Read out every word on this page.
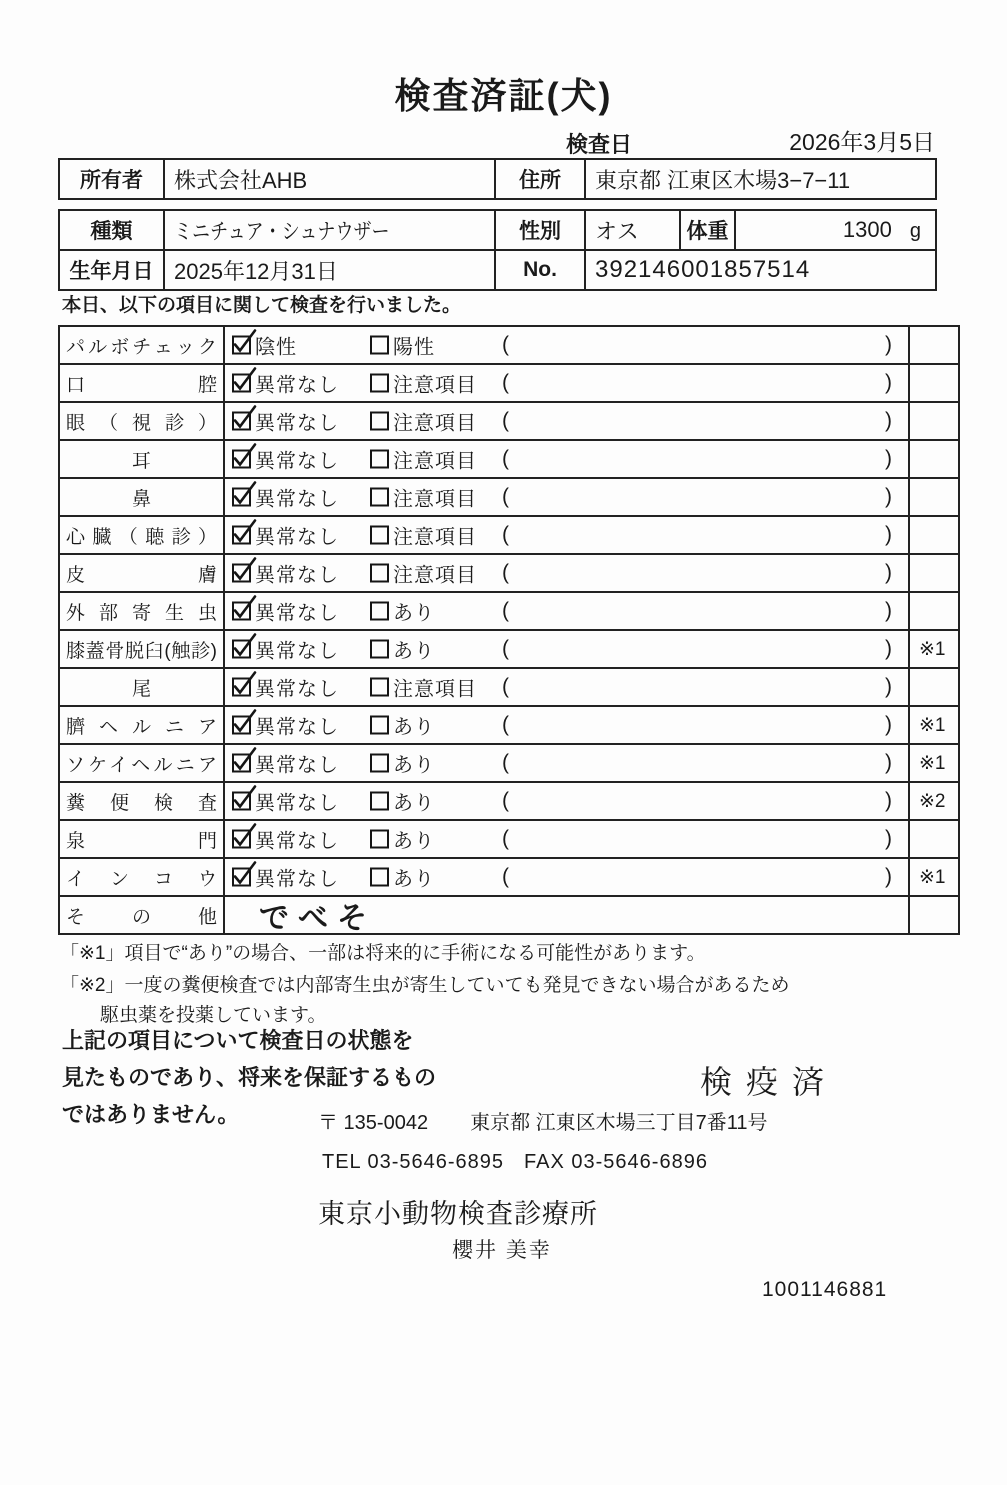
検査済証(犬)
検査日	2026年3月5日
所有者	株式会社AHB	住所	東京都 江東区木場3−7−11
種類	ミニチュア・シュナウザー	性別	オス	体重	1300 g
生年月日	2025年12月31日	No.	392146001857514		

本日、以下の項目に関して検査を行いました。

パルボチェック	陰性 陽性 ( )	

口腔	異常なし 注意項目 ( )	

眼（視診）	異常なし 注意項目 ( )	

耳	異常なし 注意項目 ( )	

鼻	異常なし 注意項目 ( )	

心臓（聴診）	異常なし 注意項目 ( )	

皮膚	異常なし 注意項目 ( )	

外部寄生虫	異常なし あり ( )	

膝蓋骨脱臼(触診)	異常なし あり ( )	※1
尾	異常なし 注意項目 ( )	

臍ヘルニア	異常なし あり ( )	※1
ソケイヘルニア	異常なし あり ( )	※1
糞便検査	異常なし あり ( )	※2
泉門	異常なし あり ( )	

インコウ	異常なし あり ( )	※1
その他	でべそ	

「※1」項目で“あり”の場合、一部は将来的に手術になる可能性があります。

「※2」一度の糞便検査では内部寄生虫が寄生していても発見できない場合があるため

駆虫薬を投薬しています。

上記の項目について検査日の状態を

見たものであり、将来を保証するもの

ではありません。

検疫済
〒 135-0042 東京都 江東区木場三丁目7番11号
TEL 03-5646-6895 FAX 03-5646-6896
東京小動物検査診療所
櫻井 美幸
1001146881
